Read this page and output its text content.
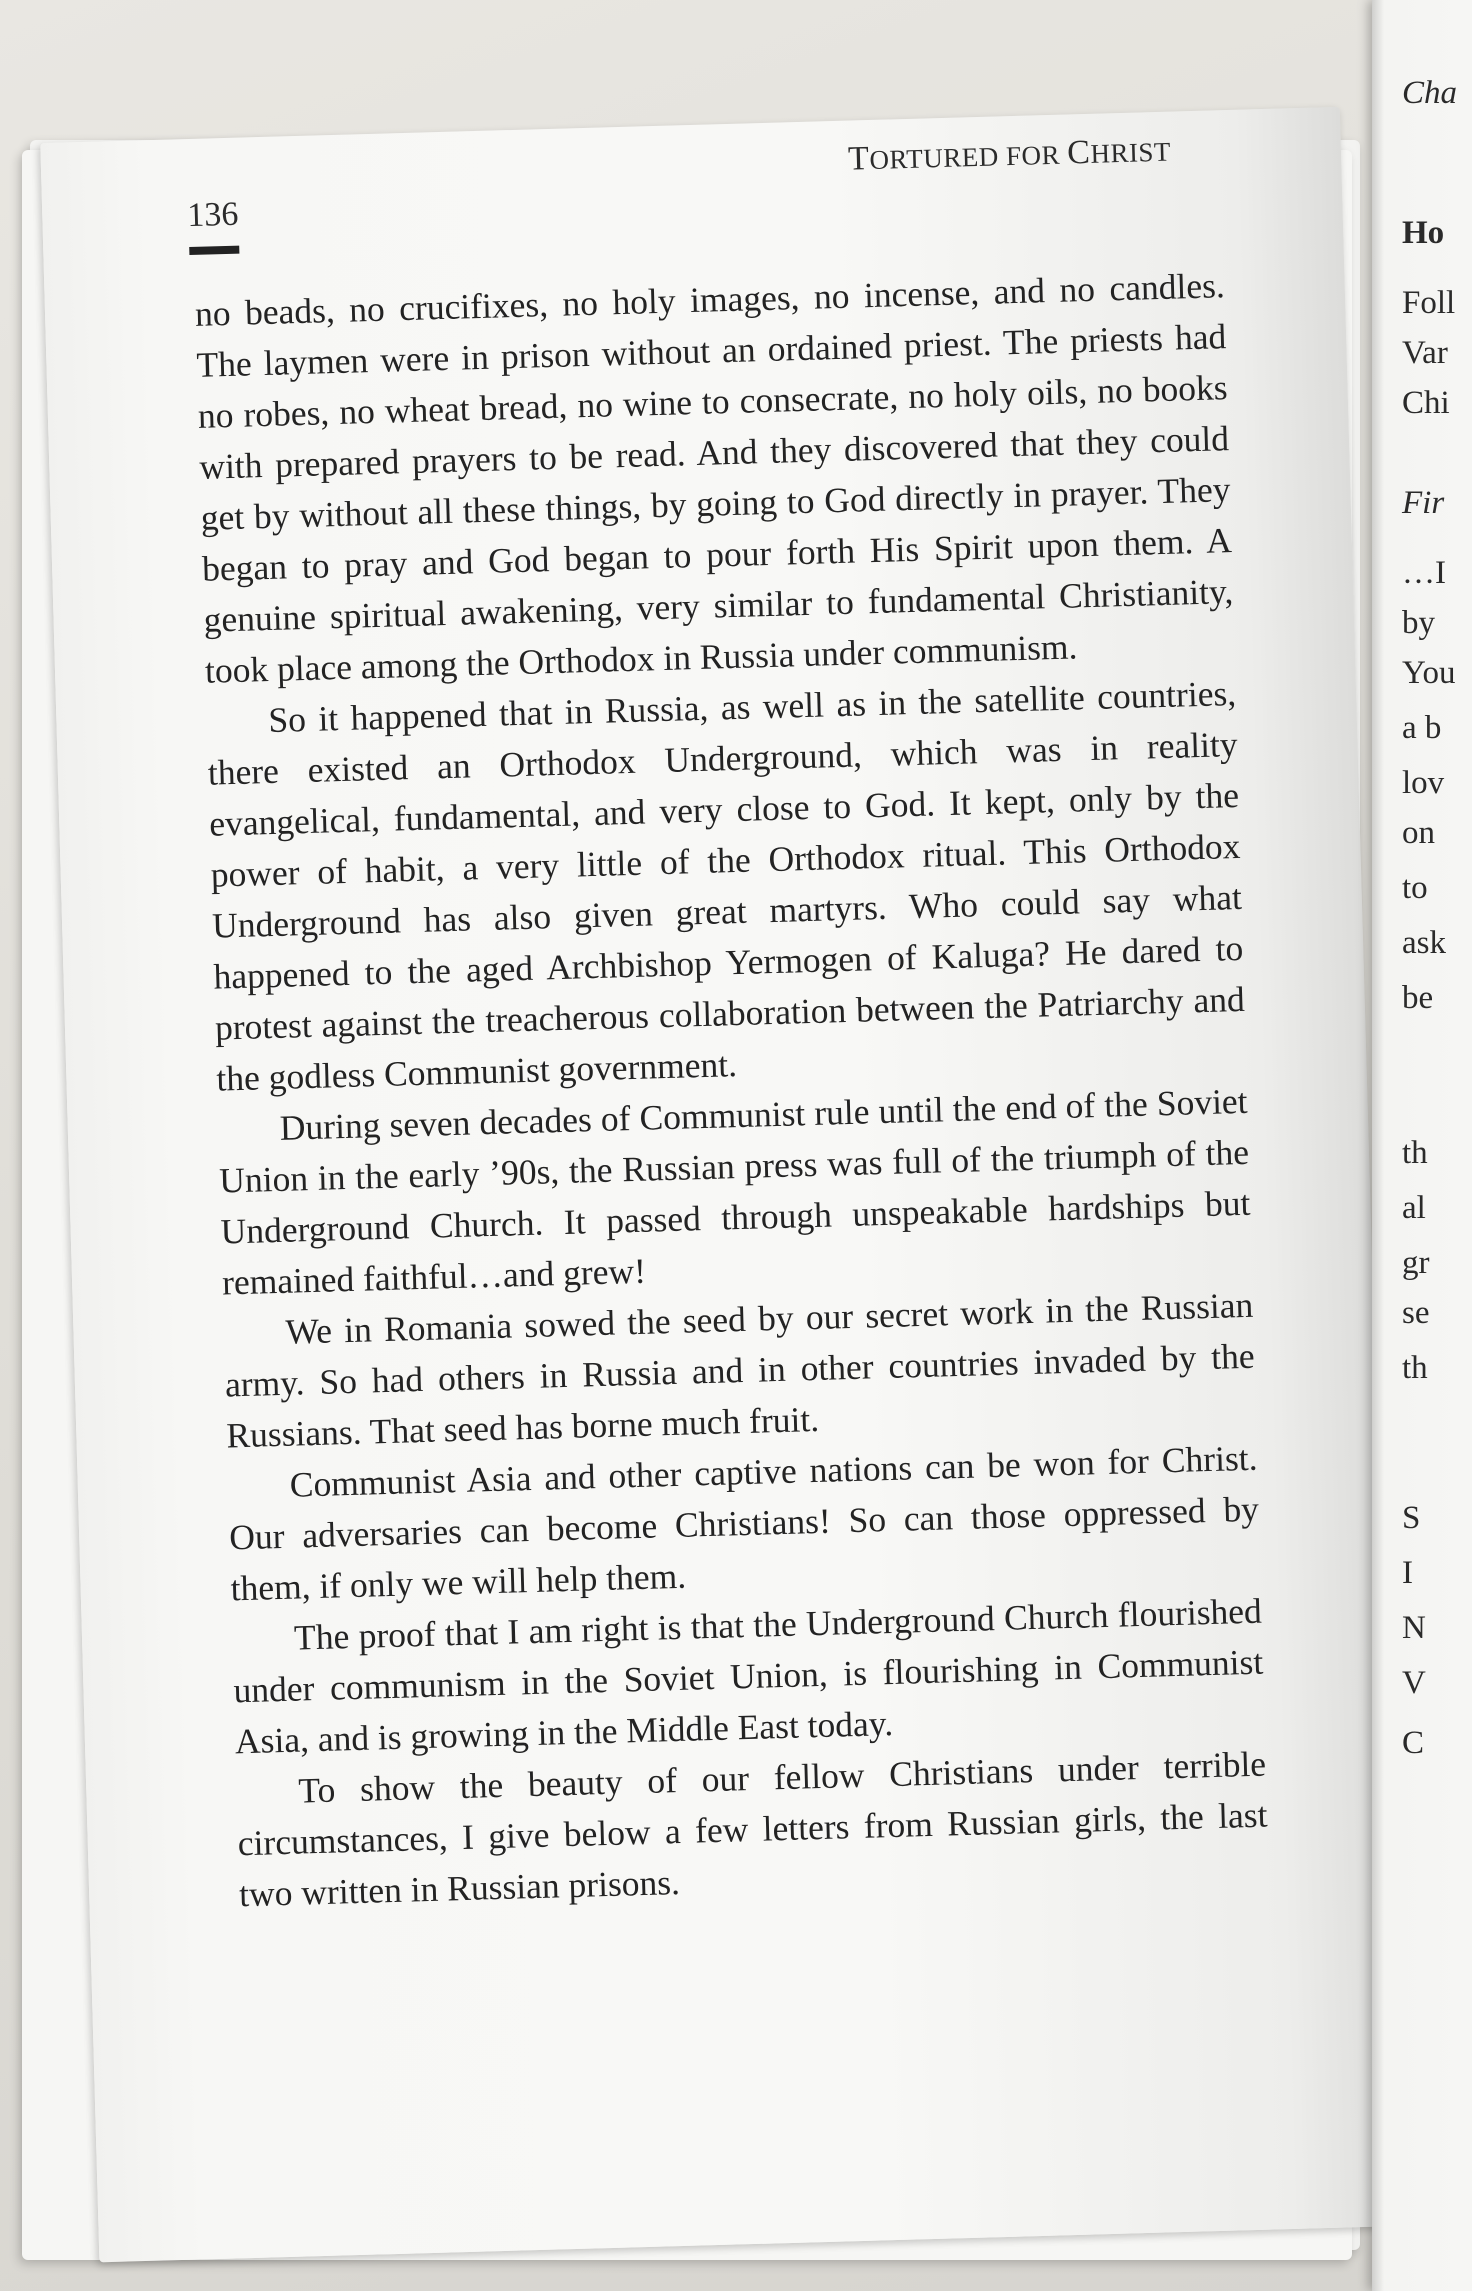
TORTURED FOR CHRIST
136

no beads, no crucifixes, no holy images, no incense, and no candles. The laymen were in prison without an ordained priest. The priests had no robes, no wheat bread, no wine to consecrate, no holy oils, no books with prepared prayers to be read. And they discovered that they could get by without all these things, by going to God directly in prayer. They began to pray and God began to pour forth His Spirit upon them. A genuine spiritual awakening, very similar to fundamental Christianity, took place among the Orthodox in Russia under communism.

So it happened that in Russia, as well as in the satellite countries, there existed an Orthodox Underground, which was in reality evangelical, fundamental, and very close to God. It kept, only by the power of habit, a very little of the Orthodox ritual. This Orthodox Underground has also given great martyrs. Who could say what happened to the aged Archbishop Yermogen of Kaluga? He dared to protest against the treacherous collaboration between the Patriarchy and the godless Communist government.

During seven decades of Communist rule until the end of the Soviet Union in the early ’90s, the Russian press was full of the triumph of the Underground Church. It passed through unspeakable hardships but remained faithful…and grew!

We in Romania sowed the seed by our secret work in the Russian army. So had others in Russia and in other countries invaded by the Russians. That seed has borne much fruit.

Communist Asia and other captive nations can be won for Christ. Our adversaries can become Christians! So can those oppressed by them, if only we will help them.

The proof that I am right is that the Underground Church flourished under communism in the Soviet Union, is flourishing in Communist Asia, and is growing in the Middle East today.

To show the beauty of our fellow Christians under terrible circumstances, I give below a few letters from Russian girls, the last two written in Russian prisons.

Cha
Ho
Foll
Var
Chi
Fir
…I
by
You
a b
lov
on
to
ask
be
th
al
gr
se
th
S
I
N
V
C
